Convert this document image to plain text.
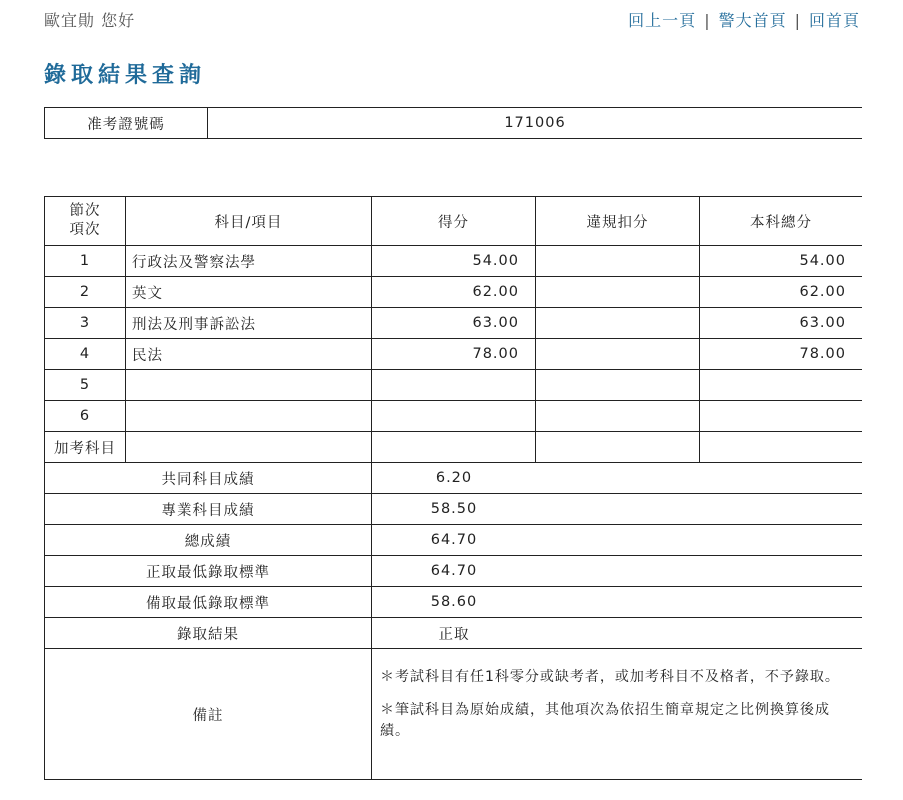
歐宜勛 您好	回上一頁 | 警大首頁 | 回首頁
錄取結果查詢
准考證號碼	171006
節次
項次	科目/項目	得分	違規扣分	本科總分
1	行政法及警察法學	54.00		54.00
2	英文	62.00		62.00
3	刑法及刑事訴訟法	63.00		63.00
4	民法	78.00		78.00
5				
6				
加考科目				
共同科目成績		6.20		
專業科目成績		58.50		
總成績		64.70		
正取最低錄取標準		64.70		
備取最低錄取標準		58.60		
錄取結果		正取		
備註		＊考試科目有任1科零分或缺考者，或加考科目不及格者，不予錄取。

＊筆試科目為原始成績，其他項次為依招生簡章規定之比例換算後成績。		
